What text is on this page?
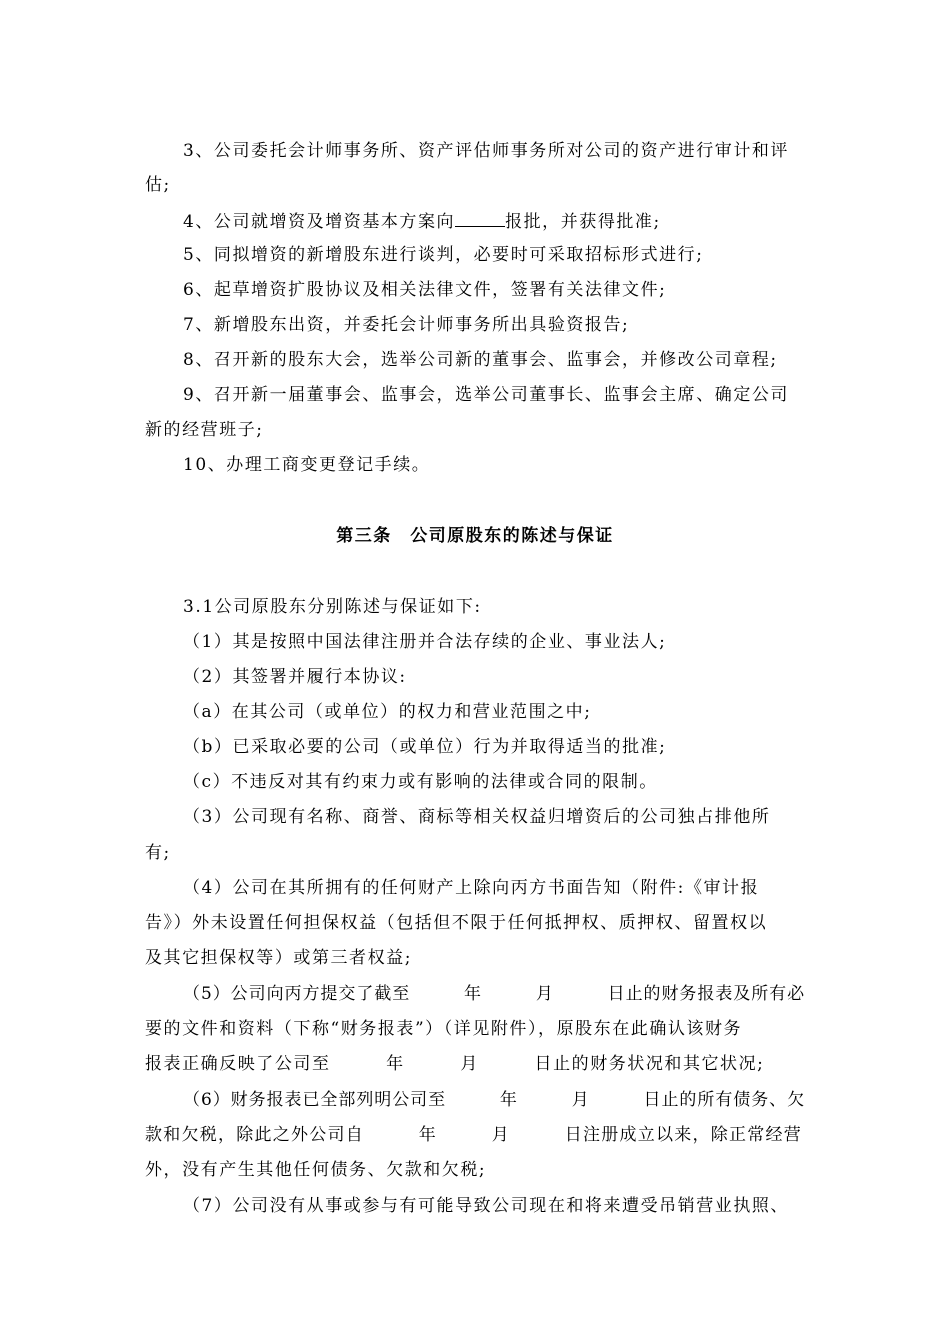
3、公司委托会计师事务所、资产评估师事务所对公司的资产进行审计和评
估;
4、公司就增资及增资基本方案向	报批，并获得批准;
5、同拟增资的新增股东进行谈判，必要时可采取招标形式进行;
6、起草增资扩股协议及相关法律文件，签署有关法律文件;
7、新增股东出资，并委托会计师事务所出具验资报告;
8、召开新的股东大会，选举公司新的董事会、监事会，并修改公司章程;
9、召开新一届董事会、监事会，选举公司董事长、监事会主席、确定公司
新的经营班子;
10、办理工商变更登记手续。
第三条　公司原股东的陈述与保证
3.1公司原股东分别陈述与保证如下:
（1）其是按照中国法律注册并合法存续的企业、事业法人;
（2）其签署并履行本协议:
（a）在其公司（或单位）的权力和营业范围之中;
（b）已采取必要的公司（或单位）行为并取得适当的批准;
（c）不违反对其有约束力或有影响的法律或合同的限制。
（3）公司现有名称、商誉、商标等相关权益归增资后的公司独占排他所
有;
（4）公司在其所拥有的任何财产上除向丙方书面告知（附件:《审计报
告》）外未设置任何担保权益（包括但不限于任何抵押权、质押权、留置权以
及其它担保权等）或第三者权益;
（5）公司向丙方提交了截至　　　年　　　月　　　日止的财务报表及所有必
要的文件和资料（下称“财务报表”）（详见附件），原股东在此确认该财务
报表正确反映了公司至　　　年　　　月　　　日止的财务状况和其它状况;
（6）财务报表已全部列明公司至　　　年　　　月　　　日止的所有债务、欠
款和欠税，除此之外公司自　　　年　　　月　　　日注册成立以来，除正常经营
外，没有产生其他任何债务、欠款和欠税;
（7）公司没有从事或参与有可能导致公司现在和将来遭受吊销营业执照、
